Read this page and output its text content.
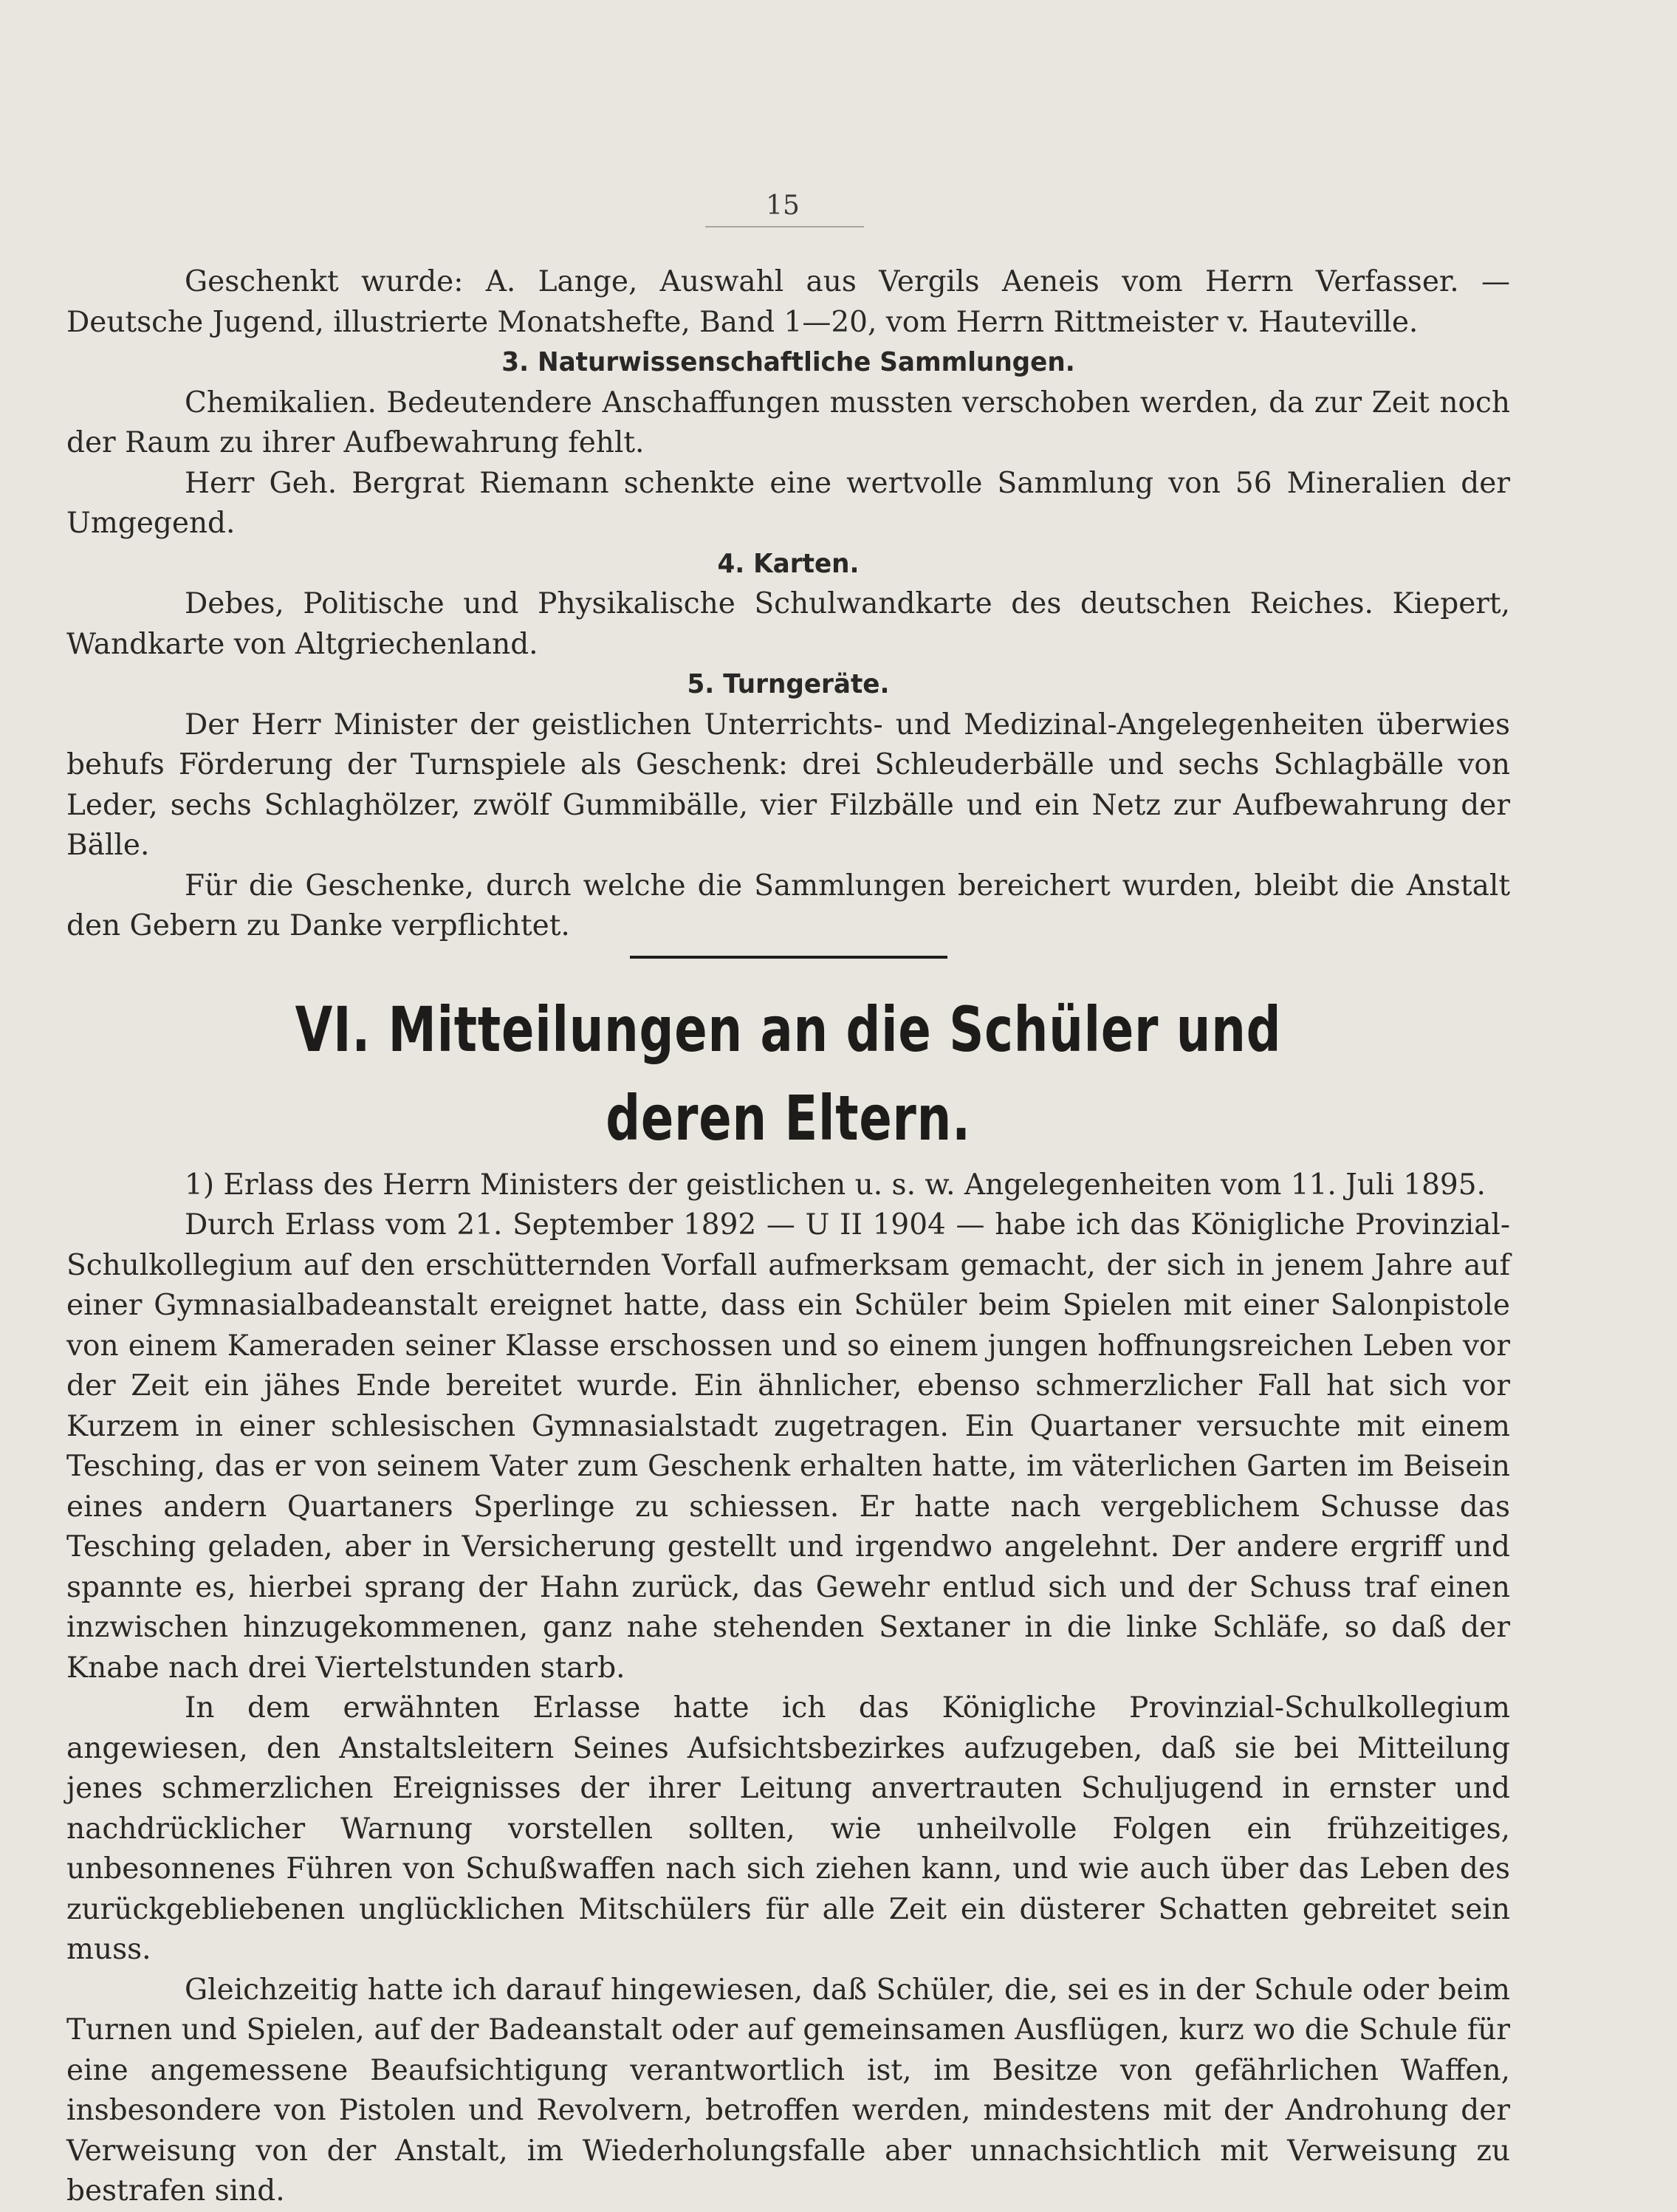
15

Geschenkt wurde: A. Lange, Auswahl aus Vergils Aeneis vom Herrn Verfasser. — Deutsche Jugend, illustrierte Monatshefte, Band 1—20, vom Herrn Rittmeister v. Hauteville.

3. Naturwissenschaftliche Sammlungen.

Chemikalien. Bedeutendere Anschaffungen mussten verschoben werden, da zur Zeit noch der Raum zu ihrer Aufbewahrung fehlt.

Herr Geh. Bergrat Riemann schenkte eine wertvolle Sammlung von 56 Mineralien der Umgegend.

4. Karten.

Debes, Politische und Physikalische Schulwandkarte des deutschen Reiches. Kiepert, Wandkarte von Altgriechenland.

5. Turngeräte.

Der Herr Minister der geistlichen Unterrichts- und Medizinal-Angelegenheiten überwies behufs Förderung der Turnspiele als Geschenk: drei Schleuderbälle und sechs Schlagbälle von Leder, sechs Schlaghölzer, zwölf Gummibälle, vier Filzbälle und ein Netz zur Aufbewahrung der Bälle.

Für die Geschenke, durch welche die Sammlungen bereichert wurden, bleibt die Anstalt den Gebern zu Danke verpflichtet.

VI. Mitteilungen an die Schüler und deren Eltern.

1) Erlass des Herrn Ministers der geistlichen u. s. w. Angelegenheiten vom 11. Juli 1895.

Durch Erlass vom 21. September 1892 — U II 1904 — habe ich das Königliche Provinzial-Schulkollegium auf den erschütternden Vorfall aufmerksam gemacht, der sich in jenem Jahre auf einer Gymnasialbadeanstalt ereignet hatte, dass ein Schüler beim Spielen mit einer Salonpistole von einem Kameraden seiner Klasse erschossen und so einem jungen hoffnungsreichen Leben vor der Zeit ein jähes Ende bereitet wurde. Ein ähnlicher, ebenso schmerzlicher Fall hat sich vor Kurzem in einer schlesischen Gymnasialstadt zugetragen. Ein Quartaner versuchte mit einem Tesching, das er von seinem Vater zum Geschenk erhalten hatte, im väterlichen Garten im Beisein eines andern Quartaners Sperlinge zu schiessen. Er hatte nach vergeblichem Schusse das Tesching geladen, aber in Versicherung gestellt und irgendwo angelehnt. Der andere ergriff und spannte es, hierbei sprang der Hahn zurück, das Gewehr entlud sich und der Schuss traf einen inzwischen hinzugekommenen, ganz nahe stehenden Sextaner in die linke Schläfe, so daß der Knabe nach drei Viertelstunden starb.

In dem erwähnten Erlasse hatte ich das Königliche Provinzial-Schulkollegium angewiesen, den Anstaltsleitern Seines Aufsichtsbezirkes aufzugeben, daß sie bei Mitteilung jenes schmerzlichen Ereignisses der ihrer Leitung anvertrauten Schuljugend in ernster und nachdrücklicher Warnung vorstellen sollten, wie unheilvolle Folgen ein frühzeitiges, unbesonnenes Führen von Schußwaffen nach sich ziehen kann, und wie auch über das Leben des zurückgebliebenen unglücklichen Mitschülers für alle Zeit ein düsterer Schatten gebreitet sein muss.

Gleichzeitig hatte ich darauf hingewiesen, daß Schüler, die, sei es in der Schule oder beim Turnen und Spielen, auf der Badeanstalt oder auf gemeinsamen Ausflügen, kurz wo die Schule für eine angemessene Beaufsichtigung verantwortlich ist, im Besitze von gefährlichen Waffen, insbesondere von Pistolen und Revolvern, betroffen werden, mindestens mit der Androhung der Verweisung von der Anstalt, im Wiederholungsfalle aber unnachsichtlich mit Verweisung zu bestrafen sind.
